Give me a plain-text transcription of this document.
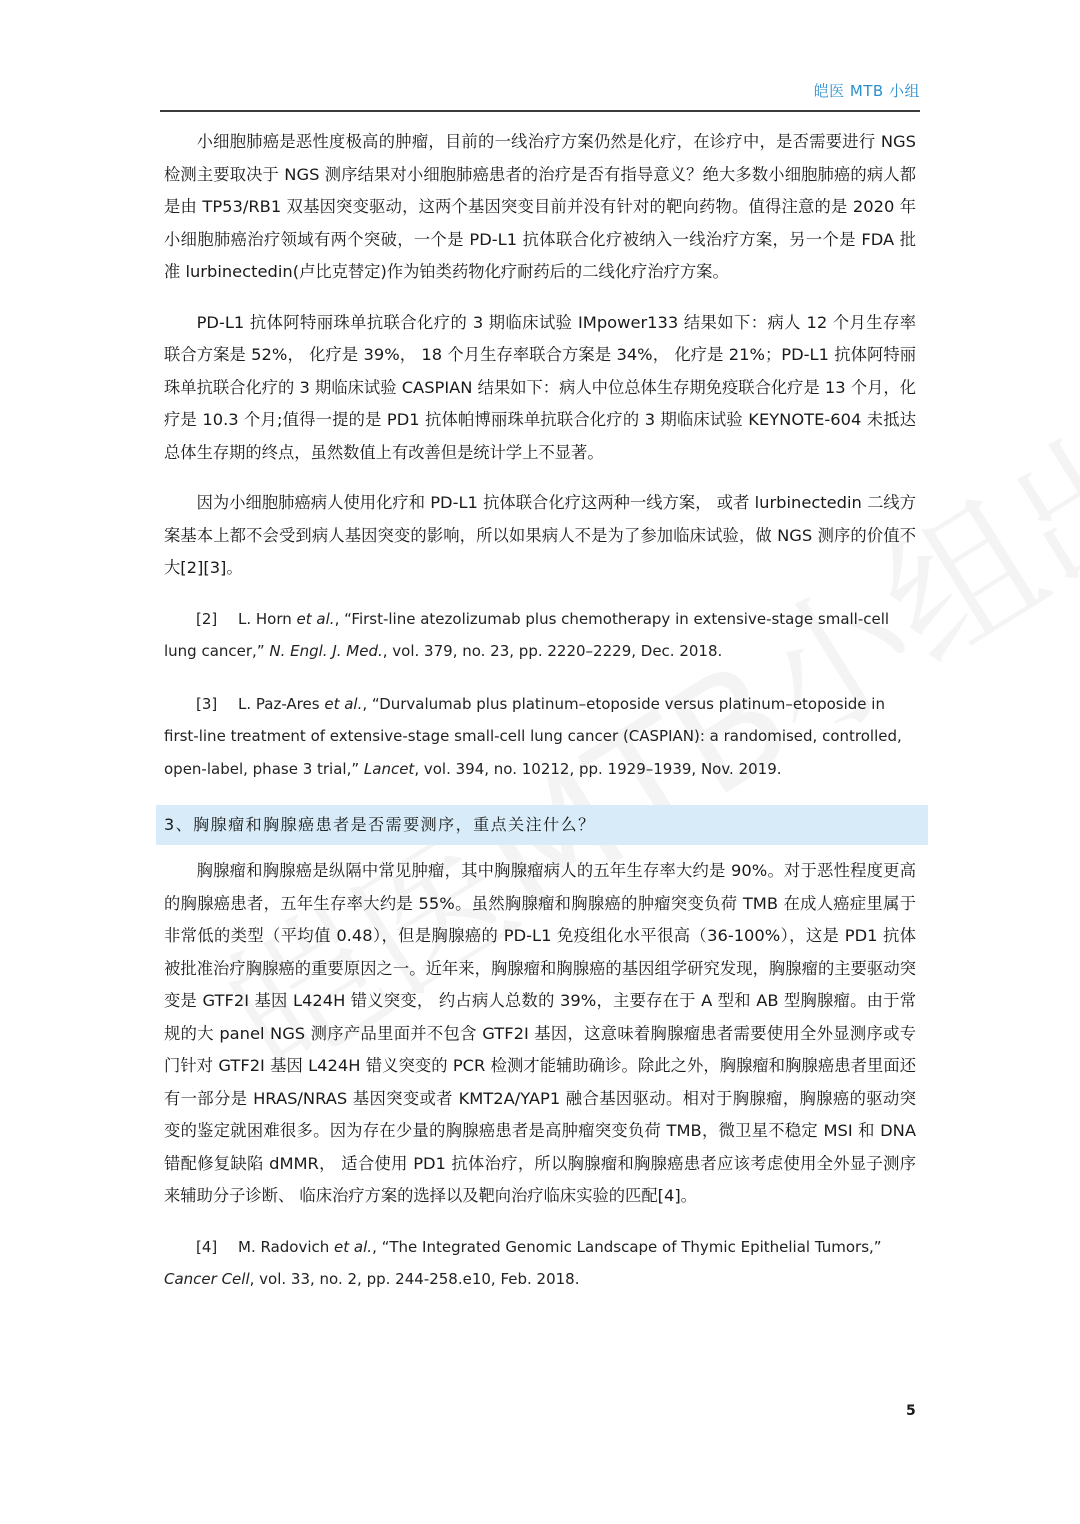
皑医 MTB 小组

小细胞肺癌是恶性度极高的肿瘤，目前的一线治疗方案仍然是化疗，在诊疗中，是否需要进行 NGS 检测主要取决于 NGS 测序结果对小细胞肺癌患者的治疗是否有指导意义？绝大多数小细胞肺癌的病人都是由 TP53/RB1 双基因突变驱动，这两个基因突变目前并没有针对的靶向药物。值得注意的是 2020 年小细胞肺癌治疗领域有两个突破，一个是 PD-L1 抗体联合化疗被纳入一线治疗方案，另一个是 FDA 批准 lurbinectedin(卢比克替定)作为铂类药物化疗耐药后的二线化疗治疗方案。

PD-L1 抗体阿特丽珠单抗联合化疗的 3 期临床试验 IMpower133 结果如下：病人 12 个月生存率联合方案是 52%， 化疗是 39%， 18 个月生存率联合方案是 34%， 化疗是 21%；PD-L1 抗体阿特丽珠单抗联合化疗的 3 期临床试验 CASPIAN 结果如下：病人中位总体生存期免疫联合化疗是 13 个月，化疗是 10.3 个月;值得一提的是 PD1 抗体帕博丽珠单抗联合化疗的 3 期临床试验 KEYNOTE-604 未抵达总体生存期的终点，虽然数值上有改善但是统计学上不显著。

因为小细胞肺癌病人使用化疗和 PD-L1 抗体联合化疗这两种一线方案， 或者 lurbinectedin 二线方案基本上都不会受到病人基因突变的影响，所以如果病人不是为了参加临床试验，做 NGS 测序的价值不大[2][3]。

[2] L. Horn et al., “First-line atezolizumab plus chemotherapy in extensive-stage small-cell lung cancer,” N. Engl. J. Med., vol. 379, no. 23, pp. 2220–2229, Dec. 2018.

[3] L. Paz-Ares et al., “Durvalumab plus platinum–etoposide versus platinum–etoposide in first-line treatment of extensive-stage small-cell lung cancer (CASPIAN): a randomised, controlled, open-label, phase 3 trial,” Lancet, vol. 394, no. 10212, pp. 1929–1939, Nov. 2019.

3、胸腺瘤和胸腺癌患者是否需要测序，重点关注什么？

胸腺瘤和胸腺癌是纵隔中常见肿瘤，其中胸腺瘤病人的五年生存率大约是 90%。对于恶性程度更高的胸腺癌患者，五年生存率大约是 55%。虽然胸腺瘤和胸腺癌的肿瘤突变负荷 TMB 在成人癌症里属于非常低的类型（平均值 0.48），但是胸腺癌的 PD-L1 免疫组化水平很高（36-100%），这是 PD1 抗体被批准治疗胸腺癌的重要原因之一。近年来，胸腺瘤和胸腺癌的基因组学研究发现，胸腺瘤的主要驱动突变是 GTF2I 基因 L424H 错义突变， 约占病人总数的 39%，主要存在于 A 型和 AB 型胸腺瘤。由于常规的大 panel NGS 测序产品里面并不包含 GTF2I 基因，这意味着胸腺瘤患者需要使用全外显测序或专门针对 GTF2I 基因 L424H 错义突变的 PCR 检测才能辅助确诊。除此之外，胸腺瘤和胸腺癌患者里面还有一部分是 HRAS/NRAS 基因突变或者 KMT2A/YAP1 融合基因驱动。相对于胸腺瘤，胸腺癌的驱动突变的鉴定就困难很多。因为存在少量的胸腺癌患者是高肿瘤突变负荷 TMB，微卫星不稳定 MSI 和 DNA 错配修复缺陷 dMMR， 适合使用 PD1 抗体治疗，所以胸腺瘤和胸腺癌患者应该考虑使用全外显子测序来辅助分子诊断、 临床治疗方案的选择以及靶向治疗临床实验的匹配[4]。

[4] M. Radovich et al., “The Integrated Genomic Landscape of Thymic Epithelial Tumors,” Cancer Cell, vol. 33, no. 2, pp. 244-258.e10, Feb. 2018.

5
